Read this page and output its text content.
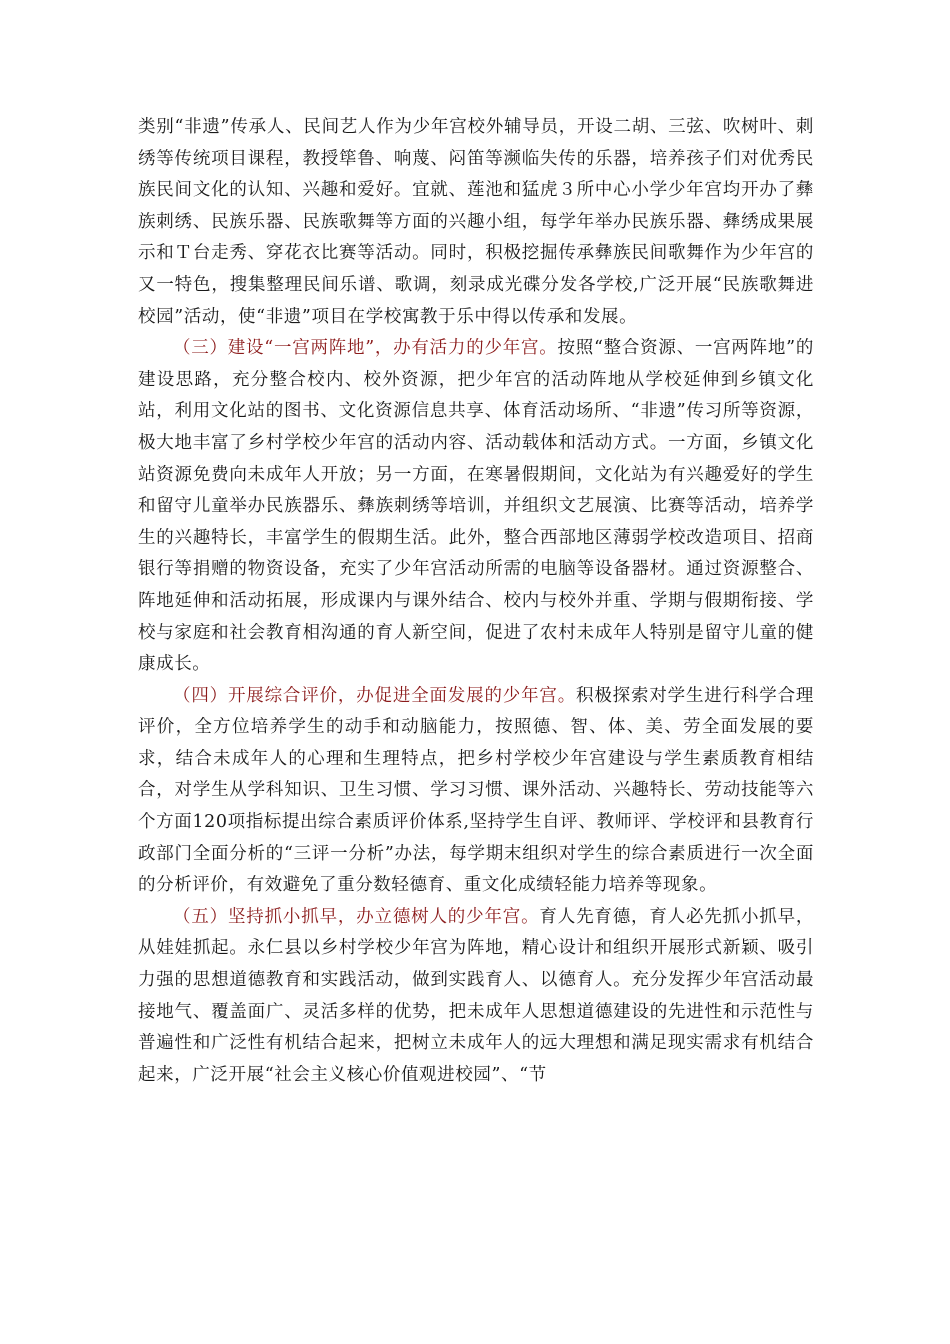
类别“非遗”传承人、民间艺人作为少年宫校外辅导员，开设二胡、三弦、吹树叶、刺绣等传统项目课程，教授筚鲁、响蔑、闷笛等濒临失传的乐器，培养孩子们对优秀民族民间文化的认知、兴趣和爱好。宜就、莲池和猛虎３所中心小学少年宫均开办了彝族刺绣、民族乐器、民族歌舞等方面的兴趣小组，每学年举办民族乐器、彝绣成果展示和Ｔ台走秀、穿花衣比赛等活动。同时，积极挖掘传承彝族民间歌舞作为少年宫的又一特色，搜集整理民间乐谱、歌调，刻录成光碟分发各学校,广泛开展“民族歌舞进校园”活动，使“非遗”项目在学校寓教于乐中得以传承和发展。

（三）建设“一宫两阵地”，办有活力的少年宫。按照“整合资源、一宫两阵地”的建设思路，充分整合校内、校外资源，把少年宫的活动阵地从学校延伸到乡镇文化站，利用文化站的图书、文化资源信息共享、体育活动场所、“非遗”传习所等资源，极大地丰富了乡村学校少年宫的活动内容、活动载体和活动方式。一方面，乡镇文化站资源免费向未成年人开放；另一方面，在寒暑假期间，文化站为有兴趣爱好的学生和留守儿童举办民族器乐、彝族刺绣等培训，并组织文艺展演、比赛等活动，培养学生的兴趣特长，丰富学生的假期生活。此外，整合西部地区薄弱学校改造项目、招商银行等捐赠的物资设备，充实了少年宫活动所需的电脑等设备器材。通过资源整合、阵地延伸和活动拓展，形成课内与课外结合、校内与校外并重、学期与假期衔接、学校与家庭和社会教育相沟通的育人新空间，促进了农村未成年人特别是留守儿童的健康成长。

（四）开展综合评价，办促进全面发展的少年宫。积极探索对学生进行科学合理评价，全方位培养学生的动手和动脑能力，按照德、智、体、美、劳全面发展的要求，结合未成年人的心理和生理特点，把乡村学校少年宫建设与学生素质教育相结合，对学生从学科知识、卫生习惯、学习习惯、课外活动、兴趣特长、劳动技能等六个方面120项指标提出综合素质评价体系,坚持学生自评、教师评、学校评和县教育行政部门全面分析的“三评一分析”办法，每学期末组织对学生的综合素质进行一次全面的分析评价，有效避免了重分数轻德育、重文化成绩轻能力培养等现象。

（五）坚持抓小抓早，办立德树人的少年宫。育人先育德，育人必先抓小抓早，从娃娃抓起。永仁县以乡村学校少年宫为阵地，精心设计和组织开展形式新颖、吸引力强的思想道德教育和实践活动，做到实践育人、以德育人。充分发挥少年宫活动最接地气、覆盖面广、灵活多样的优势，把未成年人思想道德建设的先进性和示范性与普遍性和广泛性有机结合起来，把树立未成年人的远大理想和满足现实需求有机结合起来，广泛开展“社会主义核心价值观进校园”、“节
